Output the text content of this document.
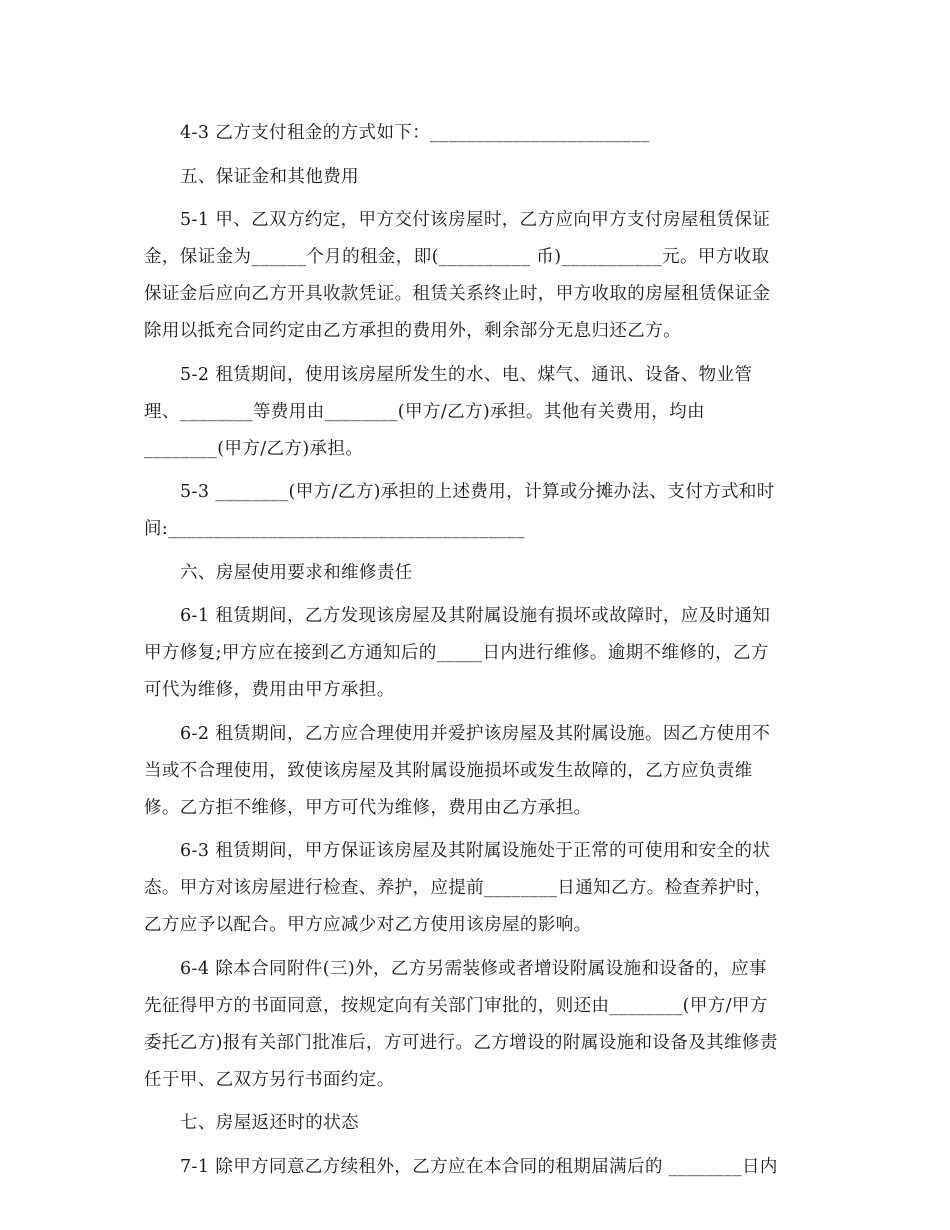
4-3 乙方支付租金的方式如下：________________________
五、保证金和其他费用
5-1 甲、乙双方约定，甲方交付该房屋时，乙方应向甲方支付房屋租赁保证
金，保证金为______个月的租金，即(__________ 币)___________元。甲方收取
保证金后应向乙方开具收款凭证。租赁关系终止时，甲方收取的房屋租赁保证金
除用以抵充合同约定由乙方承担的费用外，剩余部分无息归还乙方。
5-2 租赁期间，使用该房屋所发生的水、电、煤气、通讯、设备、物业管
理、________等费用由________(甲方/乙方)承担。其他有关费用，均由
________(甲方/乙方)承担。
5-3 ________(甲方/乙方)承担的上述费用，计算或分摊办法、支付方式和时
间:_______________________________________
六、房屋使用要求和维修责任
6-1 租赁期间，乙方发现该房屋及其附属设施有损坏或故障时，应及时通知
甲方修复;甲方应在接到乙方通知后的_____日内进行维修。逾期不维修的，乙方
可代为维修，费用由甲方承担。
6-2 租赁期间，乙方应合理使用并爱护该房屋及其附属设施。因乙方使用不
当或不合理使用，致使该房屋及其附属设施损坏或发生故障的，乙方应负责维
修。乙方拒不维修，甲方可代为维修，费用由乙方承担。
6-3 租赁期间，甲方保证该房屋及其附属设施处于正常的可使用和安全的状
态。甲方对该房屋进行检查、养护，应提前________日通知乙方。检查养护时，
乙方应予以配合。甲方应减少对乙方使用该房屋的影响。
6-4 除本合同附件(三)外，乙方另需装修或者增设附属设施和设备的，应事
先征得甲方的书面同意，按规定向有关部门审批的，则还由________(甲方/甲方
委托乙方)报有关部门批准后，方可进行。乙方增设的附属设施和设备及其维修责
任于甲、乙双方另行书面约定。
七、房屋返还时的状态
7-1 除甲方同意乙方续租外，乙方应在本合同的租期届满后的 ________日内
